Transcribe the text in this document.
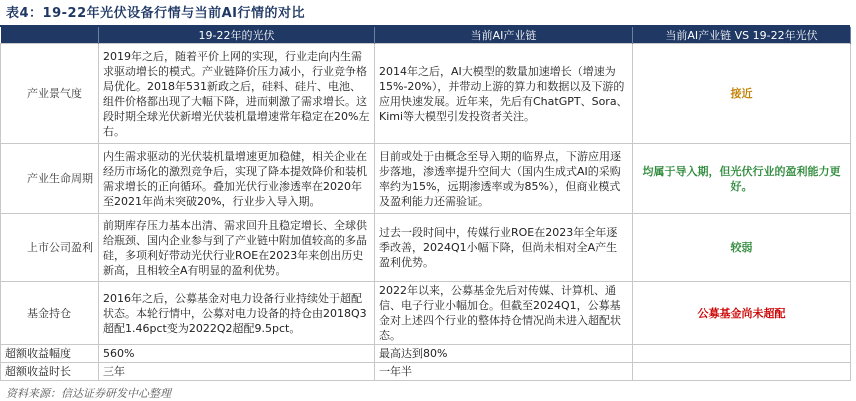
表4：19-22年光伏设备行情与当前AI行情的对比
	19-22年的光伏	当前AI产业链	当前AI产业链 VS 19-22年光伏
产业景气度	2019年之后，随着平价上网的实现，行业走向内生需求驱动增长的模式。产业链降价压力减小，行业竞争格局优化。2018年531新政之后，硅料、硅片、电池、组件价格都出现了大幅下降，进而刺激了需求增长。这段时期全球光伏新增光伏装机量增速常年稳定在20%左右。	2014年之后，AI大模型的数量加速增长（增速为15%-20%），并带动上游的算力和数据以及下游的应用快速发展。近年来，先后有ChatGPT、Sora、Kimi等大模型引发投资者关注。	接近
产业生命周期	内生需求驱动的光伏装机量增速更加稳健，相关企业在经历市场化的激烈竞争后，实现了降本提效降价和装机需求增长的正向循环。叠加光伏行业渗透率在2020年至2021年尚未突破20%，行业步入导入期。	目前或处于由概念至导入期的临界点，下游应用逐步落地，渗透率提升空间大（国内生成式AI的采购率约为15%，远期渗透率或为85%），但商业模式及盈利能力还需验证。	均属于导入期，但光伏行业的盈利能力更好。
上市公司盈利	前期库存压力基本出清、需求回升且稳定增长、全球供给瓶颈、国内企业参与到了产业链中附加值较高的多晶硅，多项利好带动光伏行业ROE在2023年来创出历史新高，且相较全A有明显的盈利优势。	过去一段时间中，传媒行业ROE在2023年全年逐季改善，2024Q1小幅下降，但尚未相对全A产生盈利优势。	较弱
基金持仓	2016年之后，公募基金对电力设备行业持续处于超配状态。本轮行情中，公募对电力设备的持仓由2018Q3超配1.46pct变为2022Q2超配9.5pct。	2022年以来，公募基金先后对传媒、计算机、通信、电子行业小幅加仓。但截至2024Q1，公募基金对上述四个行业的整体持仓情况尚未进入超配状态。	公募基金尚未超配
超额收益幅度	560%	最高达到80%	
超额收益时长	三年	一年半	
资料来源：信达证券研发中心整理
